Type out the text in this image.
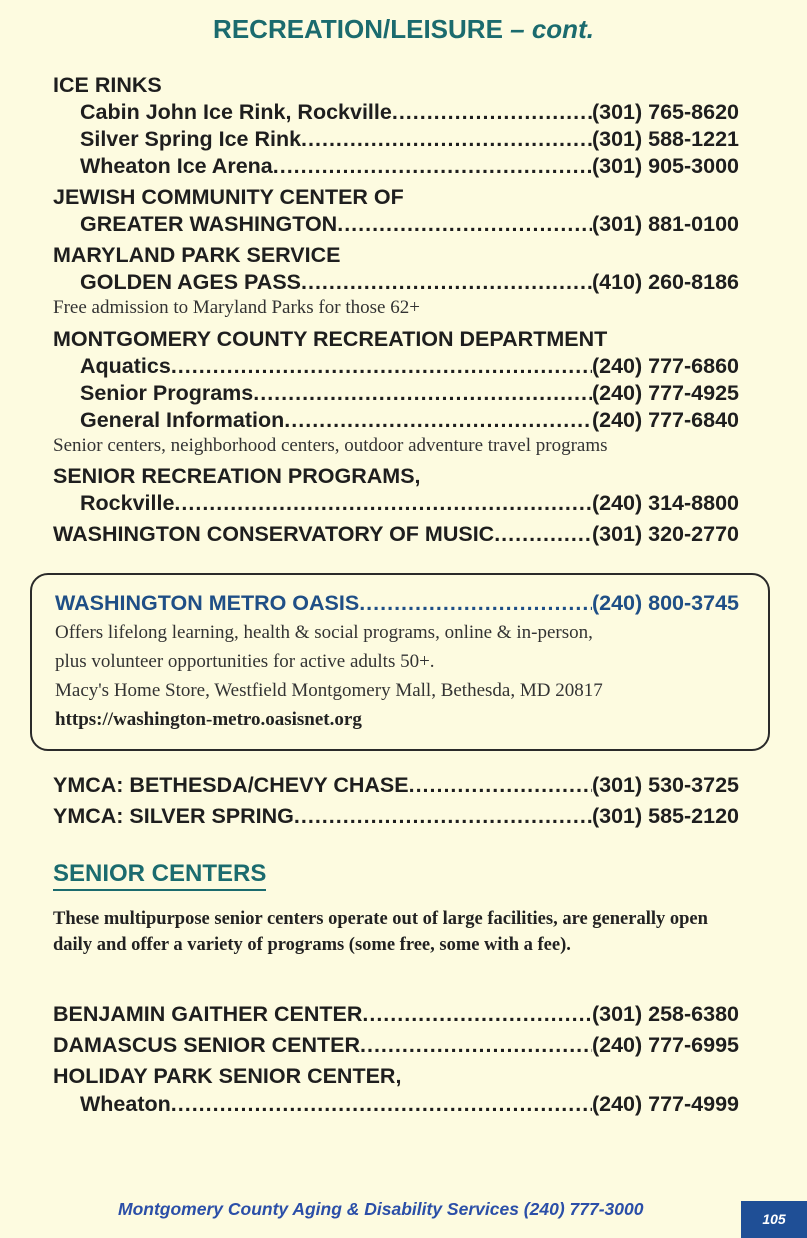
RECREATION/LEISURE – cont.
ICE RINKS
Cabin John Ice Rink, Rockville .....	(301) 765-8620
Silver Spring Ice Rink .....	(301) 588-1221
Wheaton Ice Arena .....	(301) 905-3000
JEWISH COMMUNITY CENTER OF
GREATER WASHINGTON .....	(301) 881-0100
MARYLAND PARK SERVICE
GOLDEN AGES PASS .....	(410) 260-8186
Free admission to Maryland Parks for those 62+
MONTGOMERY COUNTY RECREATION DEPARTMENT
Aquatics .....	(240) 777-6860
Senior Programs .....	(240) 777-4925
General Information .....	(240) 777-6840
Senior centers, neighborhood centers, outdoor adventure travel programs
SENIOR RECREATION PROGRAMS,
Rockville .....	(240) 314-8800
WASHINGTON CONSERVATORY OF MUSIC .....	(301) 320-2770
WASHINGTON METRO OASIS .....	(240) 800-3745
Offers lifelong learning, health & social programs, online & in-person,
plus volunteer opportunities for active adults 50+.
Macy's Home Store, Westfield Montgomery Mall, Bethesda, MD 20817
https://washington-metro.oasisnet.org
YMCA: BETHESDA/CHEVY CHASE .....	(301) 530-3725
YMCA: SILVER SPRING .....	(301) 585-2120
SENIOR CENTERS
These multipurpose senior centers operate out of large facilities, are generally open daily and offer a variety of programs (some free, some with a fee).
BENJAMIN GAITHER CENTER .....	(301) 258-6380
DAMASCUS SENIOR CENTER .....	(240) 777-6995
HOLIDAY PARK SENIOR CENTER,
Wheaton .....	(240) 777-4999
Montgomery County Aging & Disability Services (240) 777-3000	105
